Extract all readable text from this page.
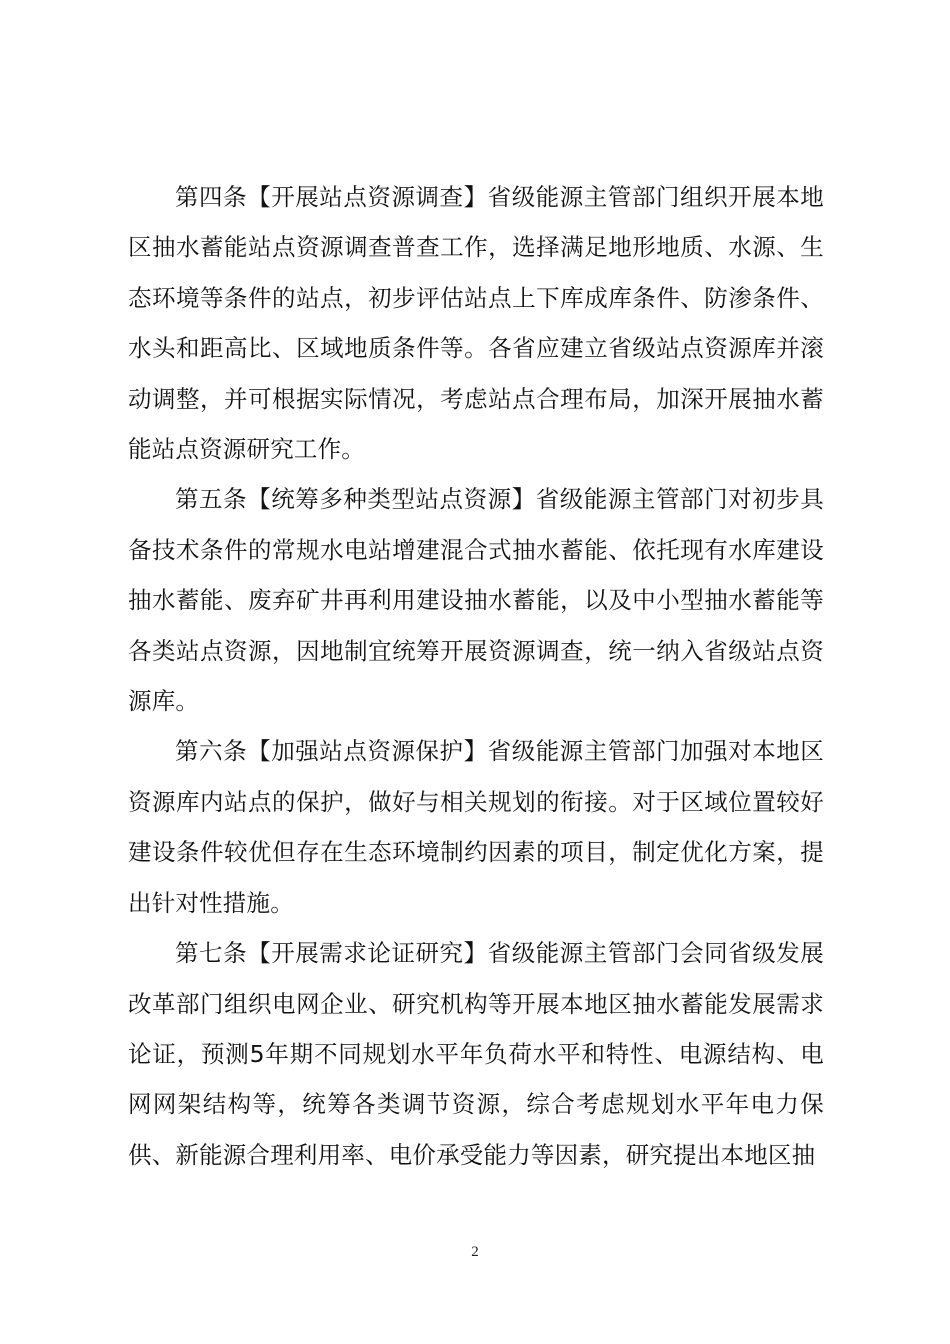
第四条【开展站点资源调查】省级能源主管部门组织开展本地区抽水蓄能站点资源调查普查工作，选择满足地形地质、水源、生态环境等条件的站点，初步评估站点上下库成库条件、防渗条件、水头和距高比、区域地质条件等。各省应建立省级站点资源库并滚动调整，并可根据实际情况，考虑站点合理布局，加深开展抽水蓄能站点资源研究工作。

第五条【统筹多种类型站点资源】省级能源主管部门对初步具备技术条件的常规水电站增建混合式抽水蓄能、依托现有水库建设抽水蓄能、废弃矿井再利用建设抽水蓄能，以及中小型抽水蓄能等各类站点资源，因地制宜统筹开展资源调查，统一纳入省级站点资源库。

第六条【加强站点资源保护】省级能源主管部门加强对本地区资源库内站点的保护，做好与相关规划的衔接。对于区域位置较好建设条件较优但存在生态环境制约因素的项目，制定优化方案，提出针对性措施。

第七条【开展需求论证研究】省级能源主管部门会同省级发展改革部门组织电网企业、研究机构等开展本地区抽水蓄能发展需求论证，预测5年期不同规划水平年负荷水平和特性、电源结构、电网网架结构等，统筹各类调节资源，综合考虑规划水平年电力保供、新能源合理利用率、电价承受能力等因素，研究提出本地区抽

2
